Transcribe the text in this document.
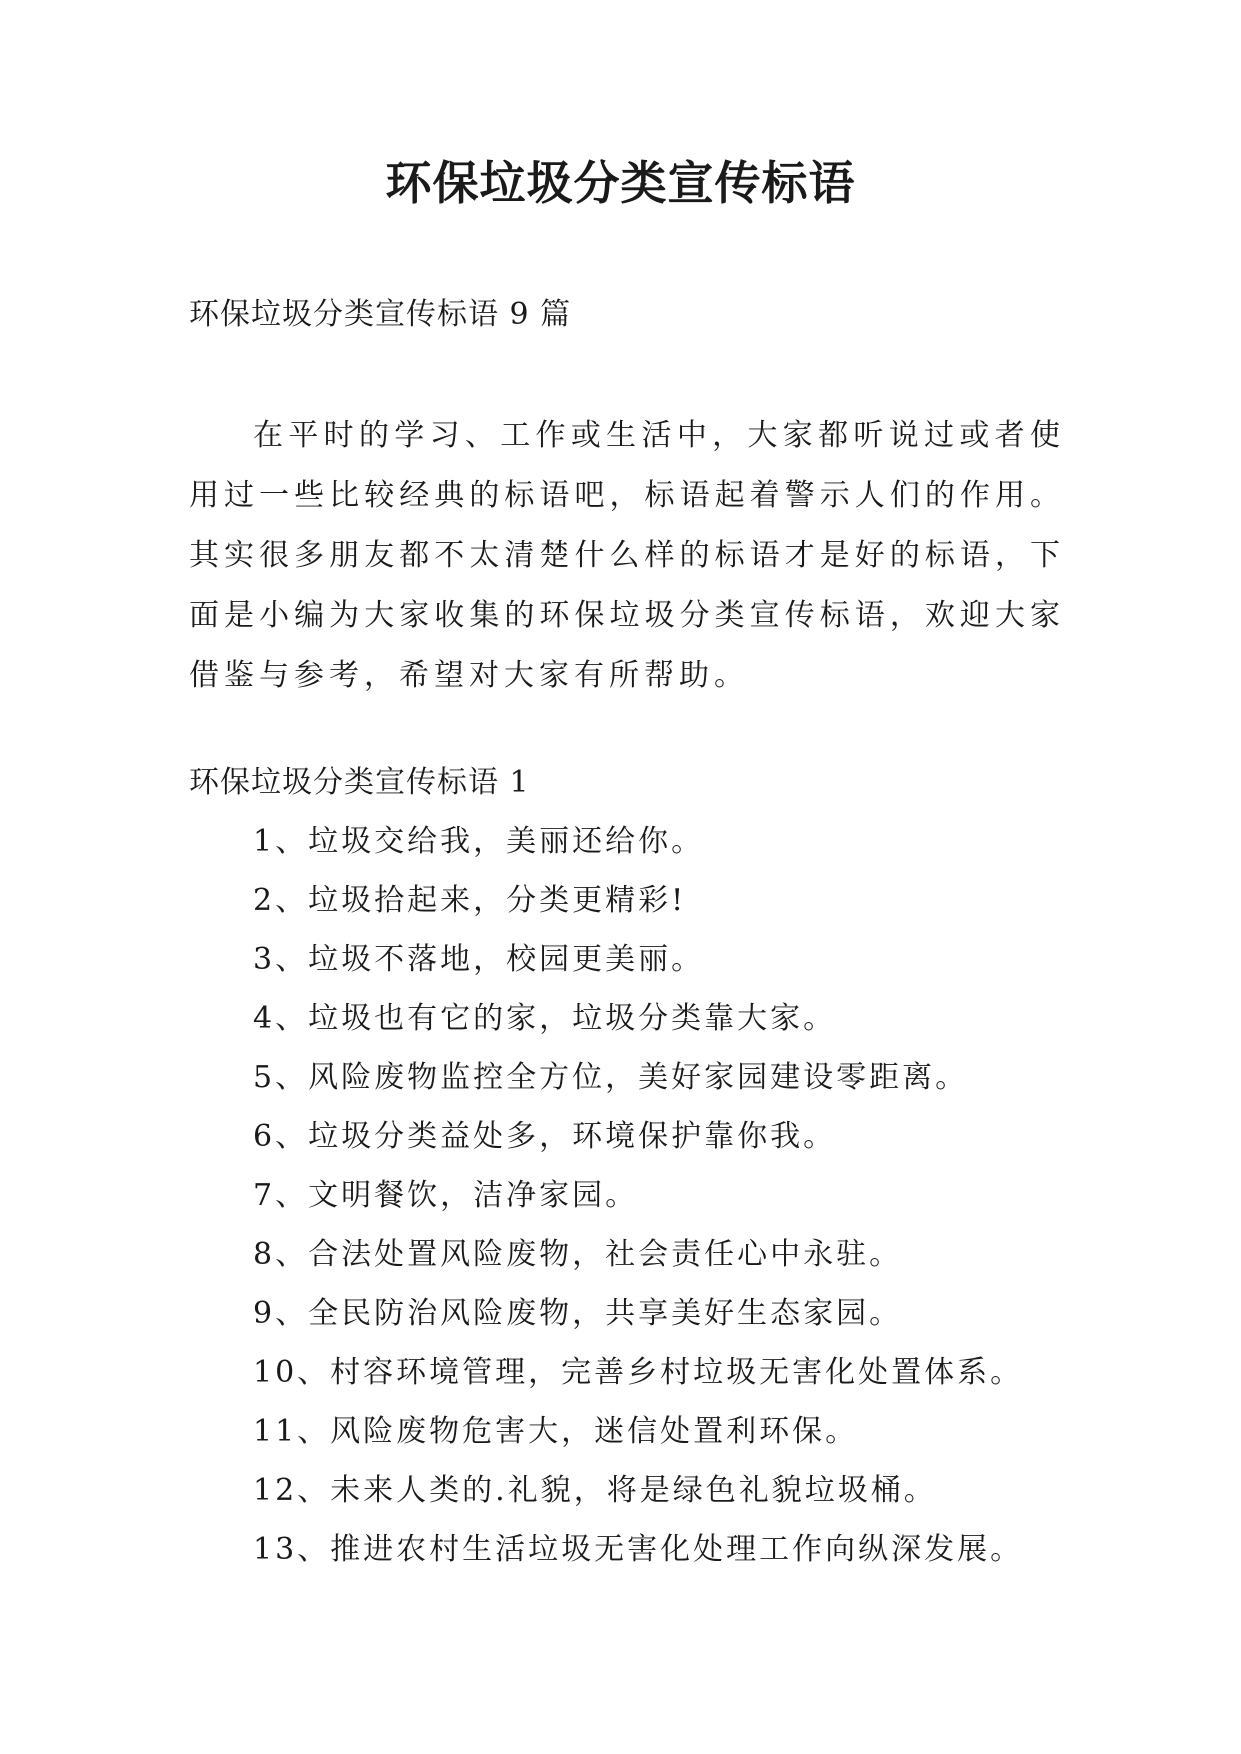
环保垃圾分类宣传标语

环保垃圾分类宣传标语 9 篇

在平时的学习、工作或生活中，大家都听说过或者使用过一些比较经典的标语吧，标语起着警示人们的作用。其实很多朋友都不太清楚什么样的标语才是好的标语，下面是小编为大家收集的环保垃圾分类宣传标语，欢迎大家借鉴与参考，希望对大家有所帮助。

环保垃圾分类宣传标语 1

1、垃圾交给我，美丽还给你。
2、垃圾拾起来，分类更精彩!
3、垃圾不落地，校园更美丽。
4、垃圾也有它的家，垃圾分类靠大家。
5、风险废物监控全方位，美好家园建设零距离。
6、垃圾分类益处多，环境保护靠你我。
7、文明餐饮，洁净家园。
8、合法处置风险废物，社会责任心中永驻。
9、全民防治风险废物，共享美好生态家园。
10、村容环境管理，完善乡村垃圾无害化处置体系。
11、风险废物危害大，迷信处置利环保。
12、未来人类的.礼貌，将是绿色礼貌垃圾桶。
13、推进农村生活垃圾无害化处理工作向纵深发展。
